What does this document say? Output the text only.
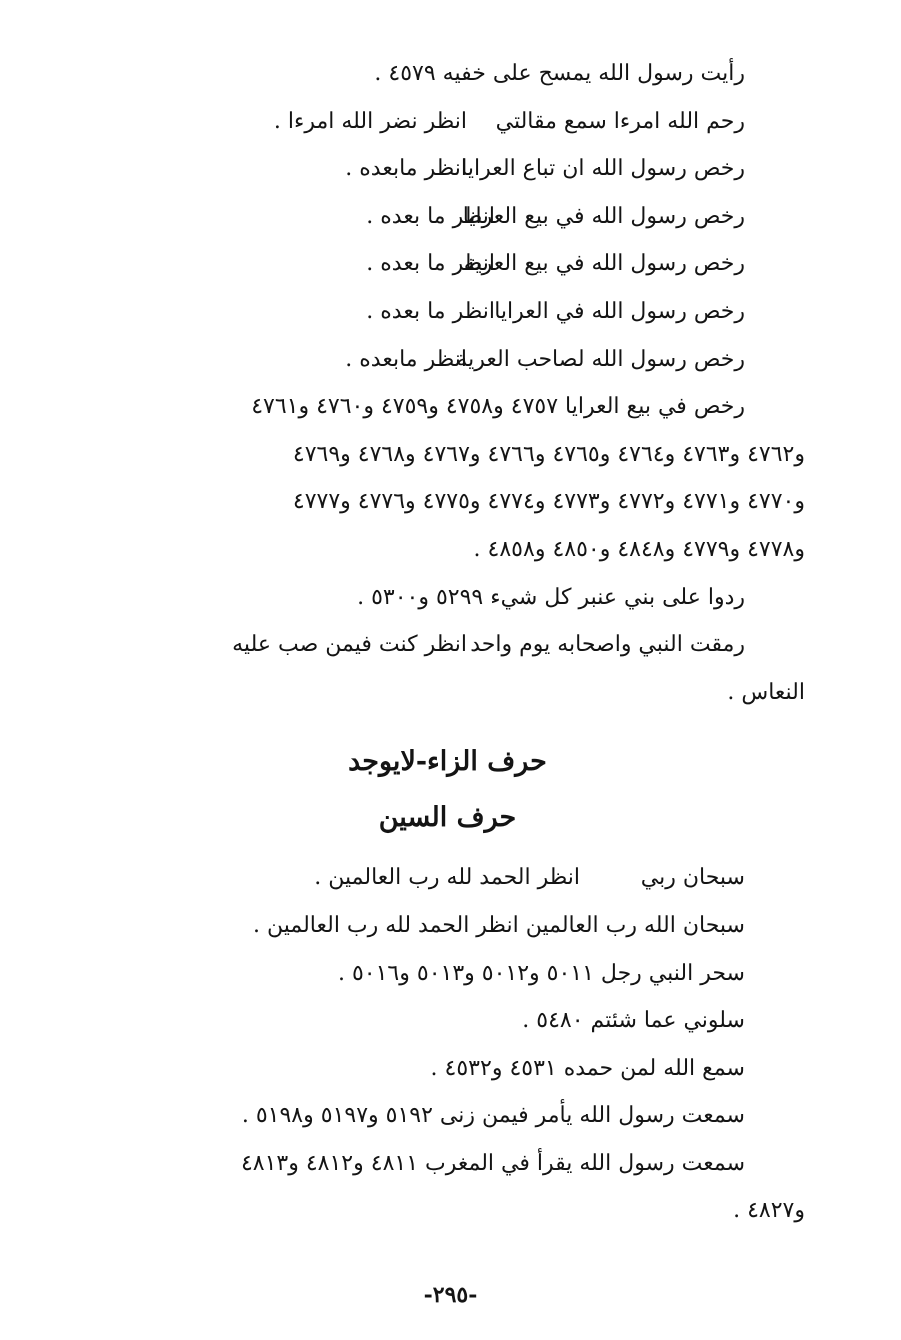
رأيت رسول الله يمسح على خفيه ٤٥٧٩ .
رحم الله امرءا سمع مقالتي
انظر نضر الله امرءا .
رخص رسول الله ان تباع العرايا
انظر مابعده .
رخص رسول الله في بيع العرايا
انظر ما بعده .
رخص رسول الله في بيع العرية
انظر ما بعده .
رخص رسول الله في العرايا
انظر ما بعده .
رخص رسول الله لصاحب العرية
انظر مابعده .
رخص في بيع العرايا ٤٧٥٧ و٤٧٥٨ و٤٧٥٩ و٤٧٦٠ و٤٧٦١
و٤٧٦٢ و٤٧٦٣ و٤٧٦٤ و٤٧٦٥ و٤٧٦٦ و٤٧٦٧ و٤٧٦٨ و٤٧٦٩
و٤٧٧٠ و٤٧٧١ و٤٧٧٢ و٤٧٧٣ و٤٧٧٤ و٤٧٧٥ و٤٧٧٦ و٤٧٧٧
و٤٧٧٨ و٤٧٧٩ و٤٨٤٨ و٤٨٥٠ و٤٨٥٨ .
ردوا على بني عنبر كل شيء ٥٢٩٩ و٥٣٠٠ .
رمقت النبي واصحابه يوم واحد
انظر كنت فيمن صب عليه
النعاس .
حرف الزاء-لايوجد
حرف السين
سبحان ربي
انظر الحمد لله رب العالمين .
سبحان الله رب العالمين انظر الحمد لله رب العالمين .
سحر النبي رجل ٥٠١١ و٥٠١٢ و٥٠١٣ و٥٠١٦ .
سلوني عما شئتم ٥٤٨٠ .
سمع الله لمن حمده ٤٥٣١ و٤٥٣٢ .
سمعت رسول الله يأمر فيمن زنى ٥١٩٢ و٥١٩٧ و٥١٩٨ .
سمعت رسول الله يقرأ في المغرب ٤٨١١ و٤٨١٢ و٤٨١٣
و٤٨٢٧ .
-٢٩٥-
